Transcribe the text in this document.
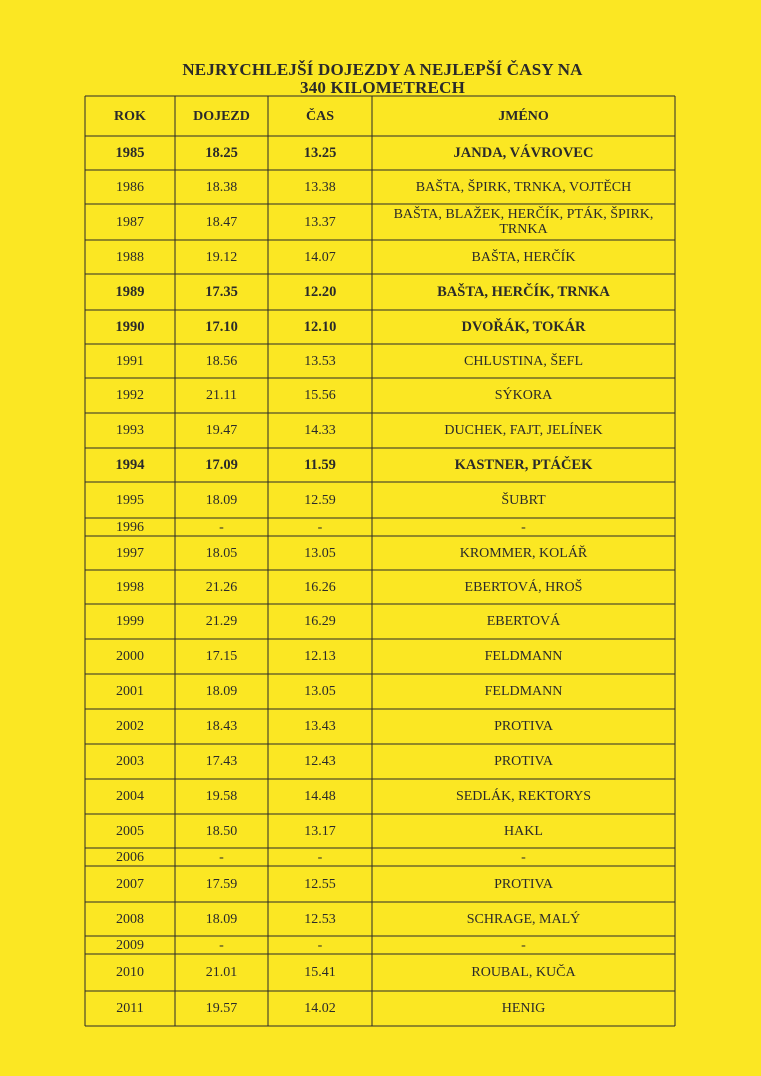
NEJRYCHLEJŠÍ DOJEZDY A NEJLEPŠÍ ČASY NA
340 KILOMETRECH
ROK	DOJEZD	ČAS	JMÉNO
1985	18.25	13.25	JANDA, VÁVROVEC
1986	18.38	13.38	BAŠTA, ŠPIRK, TRNKA, VOJTĚCH
1987	18.47	13.37	BAŠTA, BLAŽEK, HERČÍK, PTÁK, ŠPIRK, TRNKA
1988	19.12	14.07	BAŠTA, HERČÍK
1989	17.35	12.20	BAŠTA, HERČÍK, TRNKA
1990	17.10	12.10	DVOŘÁK, TOKÁR
1991	18.56	13.53	CHLUSTINA, ŠEFL
1992	21.11	15.56	SÝKORA
1993	19.47	14.33	DUCHEK, FAJT, JELÍNEK
1994	17.09	11.59	KASTNER, PTÁČEK
1995	18.09	12.59	ŠUBRT
1996	-	-	-
1997	18.05	13.05	KROMMER, KOLÁŘ
1998	21.26	16.26	EBERTOVÁ, HROŠ
1999	21.29	16.29	EBERTOVÁ
2000	17.15	12.13	FELDMANN
2001	18.09	13.05	FELDMANN
2002	18.43	13.43	PROTIVA
2003	17.43	12.43	PROTIVA
2004	19.58	14.48	SEDLÁK, REKTORYS
2005	18.50	13.17	HAKL
2006	-	-	-
2007	17.59	12.55	PROTIVA
2008	18.09	12.53	SCHRAGE, MALÝ
2009	-	-	-
2010	21.01	15.41	ROUBAL, KUČA
2011	19.57	14.02	HENIG
